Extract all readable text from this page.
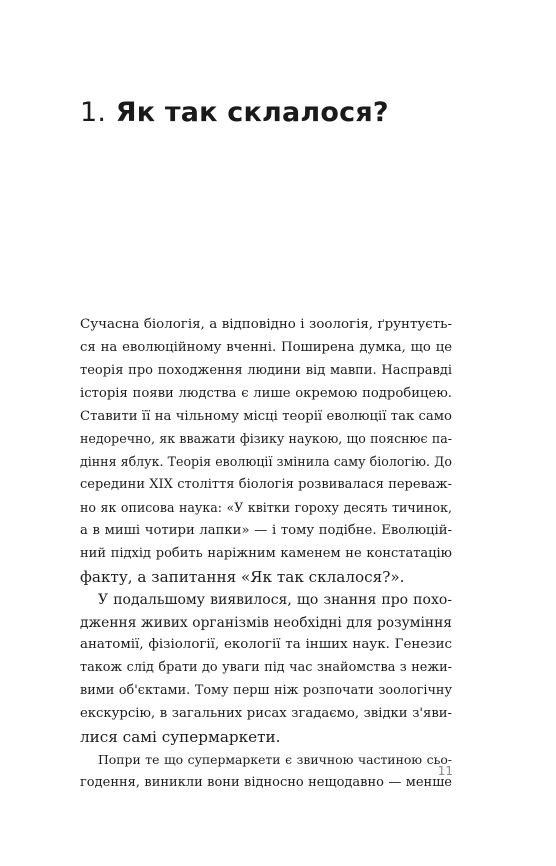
1. Як так склалося?
Сучасна біологія, а відповідно і зоологія, ґрунтуєть-
ся на еволюційному вченні. Поширена думка, що це
теорія про походження людини від мавпи. Насправді
історія появи людства є лише окремою подробицею.
Ставити її на чільному місці теорії еволюції так само
недоречно, як вважати фізику наукою, що пояснює па-
діння яблук. Теорія еволюції змінила саму біологію. До
середини XIX століття біологія розвивалася переваж-
но як описова наука: «У квітки гороху десять тичинок,
а в миші чотири лапки» — і тому подібне. Еволюцій-
ний підхід робить наріжним каменем не констатацію
факту, а запитання «Як так склалося?».
У подальшому виявилося, що знання про похо-
дження живих організмів необхідні для розуміння
анатомії, фізіології, екології та інших наук. Генезис
також слід брати до уваги під час знайомства з нежи-
вими об'єктами. Тому перш ніж розпочати зоологічну
екскурсію, в загальних рисах згадаємо, звідки з'яви-
лися самі супермаркети.
Попри те що супермаркети є звичною частиною сьо-
годення, виникли вони відносно нещодавно — менше
11
